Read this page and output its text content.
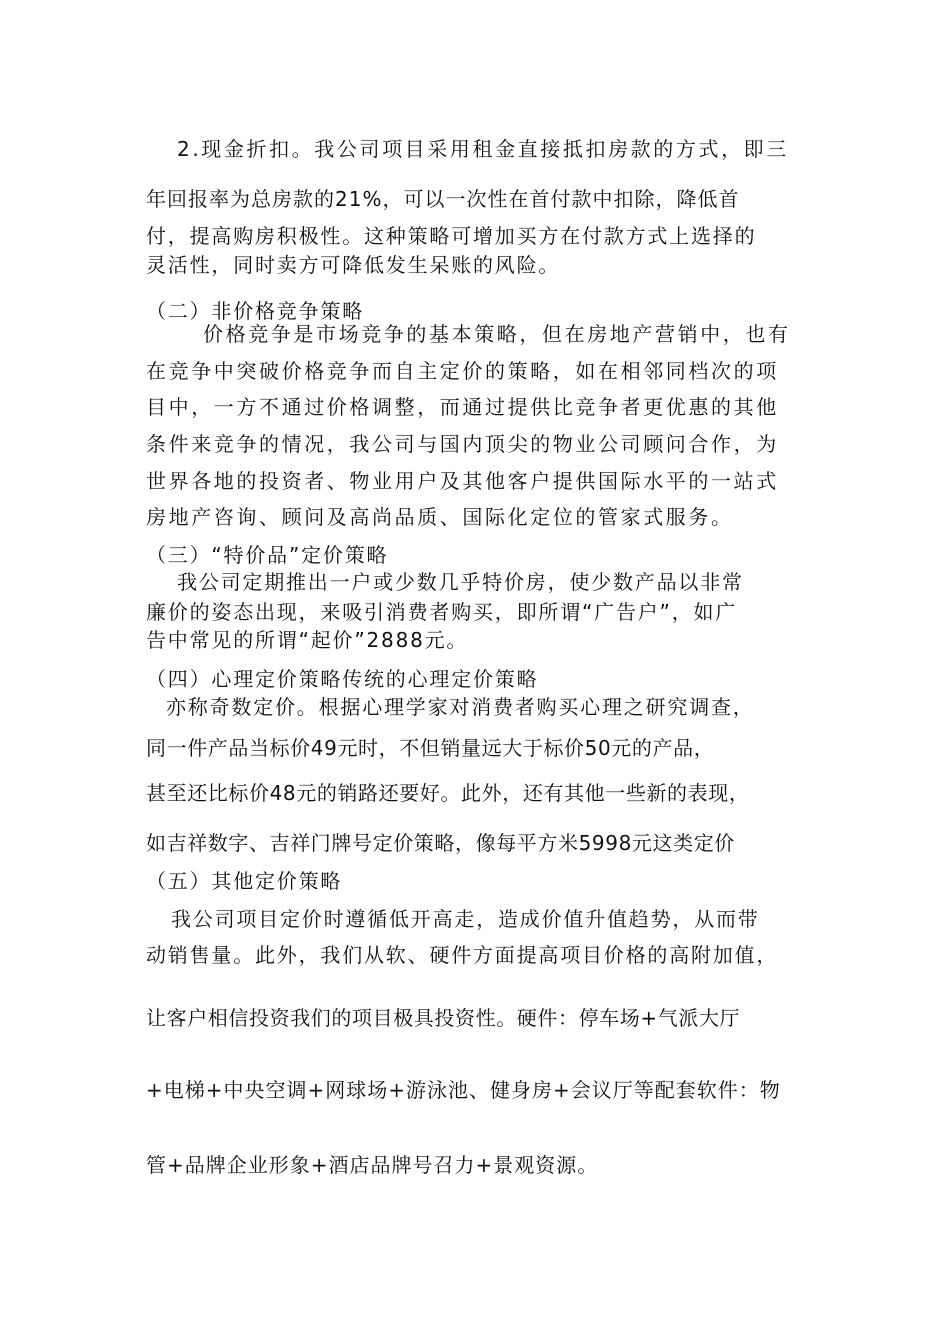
2.现金折扣。我公司项目采用租金直接抵扣房款的方式，即三
年回报率为总房款的21%，可以一次性在首付款中扣除，降低首
付，提高购房积极性。这种策略可增加买方在付款方式上选择的
灵活性，同时卖方可降低发生呆账的风险。
（二）非价格竞争策略
价格竞争是市场竞争的基本策略，但在房地产营销中，也有
在竞争中突破价格竞争而自主定价的策略，如在相邻同档次的项
目中，一方不通过价格调整，而通过提供比竞争者更优惠的其他
条件来竞争的情况，我公司与国内顶尖的物业公司顾问合作，为
世界各地的投资者、物业用户及其他客户提供国际水平的一站式
房地产咨询、顾问及高尚品质、国际化定位的管家式服务。
（三）“特价品”定价策略
我公司定期推出一户或少数几乎特价房，使少数产品以非常
廉价的姿态出现，来吸引消费者购买，即所谓“广告户”，如广
告中常见的所谓“起价”2888元。
（四）心理定价策略传统的心理定价策略
亦称奇数定价。根据心理学家对消费者购买心理之研究调查，
同一件产品当标价49元时，不但销量远大于标价50元的产品，
甚至还比标价48元的销路还要好。此外，还有其他一些新的表现，
如吉祥数字、吉祥门牌号定价策略，像每平方米5998元这类定价
（五）其他定价策略
我公司项目定价时遵循低开高走，造成价值升值趋势，从而带
动销售量。此外，我们从软、硬件方面提高项目价格的高附加值，
让客户相信投资我们的项目极具投资性。硬件：停车场+气派大厅
+电梯+中央空调+网球场+游泳池、健身房+会议厅等配套软件：物
管+品牌企业形象+酒店品牌号召力+景观资源。
